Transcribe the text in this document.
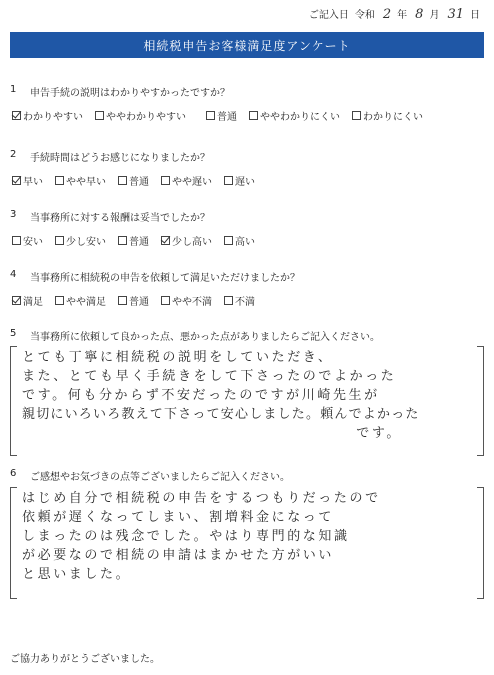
ご記入日 令和 2 年 8 月 31 日
相続税申告お客様満足度アンケート
1	申告手続の説明はわかりやすかったですか？
わかりやすい ややわかりやすい	普通 ややわかりにくい わかりにくい
2	手続時間はどうお感じになりましたか？
早い やや早い 普通 やや遅い 遅い
3	当事務所に対する報酬は妥当でしたか？
安い 少し安い 普通 少し高い 高い
4	当事務所に相続税の申告を依頼して満足いただけましたか？
満足 やや満足 普通 やや不満 不満
5	当事務所に依頼して良かった点、悪かった点がありましたらご記入ください。
とても丁寧に相続税の説明をしていただき、
また、とても早く手続きをして下さったのでよかった
です。何も分からず不安だったのですが川崎先生が
親切にいろいろ教えて下さって安心しました。頼んでよかった
です。
6	ご感想やお気づきの点等ございましたらご記入ください。
はじめ自分で相続税の申告をするつもりだったので
依頼が遅くなってしまい、割増料金になって
しまったのは残念でした。やはり専門的な知識
が必要なので相続の申請はまかせた方がいい
と思いました。
ご協力ありがとうございました。
